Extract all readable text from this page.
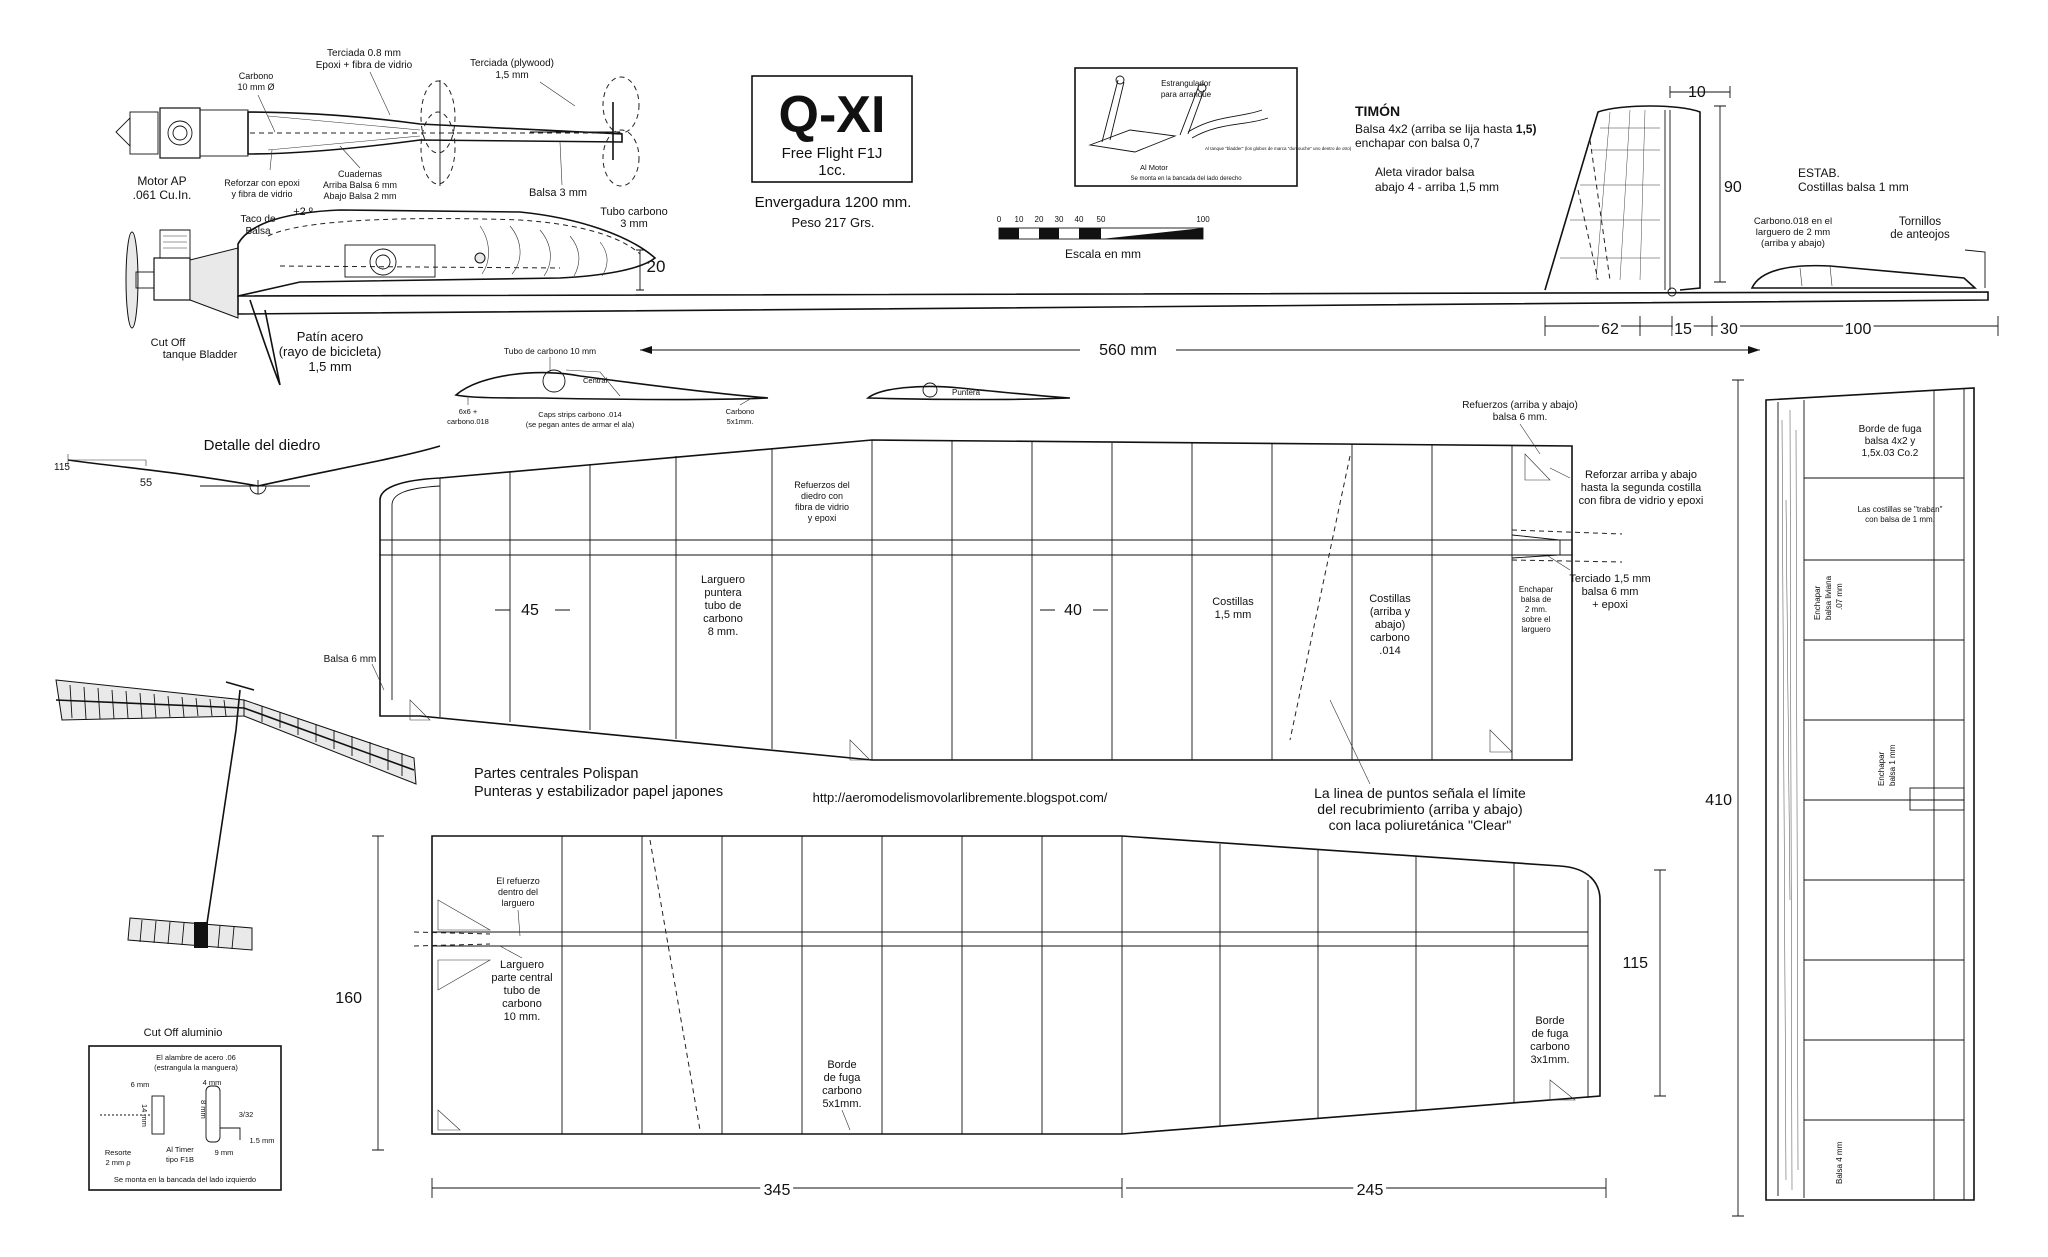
Q-XI
Free Flight F1J
1cc.
Envergadura 1200 mm.
Peso 217 Grs.	0 10 20 30 40 50	100
Escala en mm
Estrangulador
para arranque
Al Motor
Al tanque "bladder" (los globos de marca "dunlouche" uno dentro de otro)
Se monta en la bancada del lado derecho
Carbono
10 mm Ø
Terciada 0.8 mm
Epoxi + fibra de vidrio	Terciada (plywood)
1,5 mm
Motor AP
.061 Cu.In.
Reforzar con epoxi
y fibra de vidrio
Cuadernas
Arriba Balsa 6 mm
Abajo Balsa 2 mm	Balsa 3 mm
Taco de
Balsa
+2 º	Tubo carbono
3 mm
20
Cut Off
tanque Bladder
Patín acero
(rayo de bicicleta)
1,5 mm
560 mm
TIMÓN
Balsa 4x2 (arriba se lija hasta 1,5)
enchapar con balsa 0,7
Aleta virador balsa
abajo 4 - arriba 1,5 mm
10
90
ESTAB.
Costillas balsa 1 mm
Carbono.018 en el
larguero de 2 mm
(arriba y abajo)
Tornillos
de anteojos
62	15 30	100
Tubo de carbono 10 mm
Central
6x6 +
carbono.018
Caps strips carbono .014
(se pegan antes de armar el ala)
Carbono
5x1mm.
Puntera
Detalle del diedro
115
55
Balsa 6 mm
45	40
Refuerzos del
diedro con
fibra de vidrio
y epoxi
Larguero
puntera
tubo de
carbono
8 mm.
Costillas
1,5 mm
Costillas
(arriba y
abajo)
carbono
.014
Refuerzos (arriba y abajo)
balsa 6 mm.
Reforzar arriba y abajo
hasta la segunda costilla
con fibra de vidrio y epoxi
Terciado 1,5 mm
balsa 6 mm
+ epoxi
Enchapar
balsa de
2 mm.
sobre el
larguero
Partes centrales Polispan
Punteras y estabilizador papel japones	http://aeromodelismovolarlibremente.blogspot.com/	La linea de puntos señala el límite
del recubrimiento (arriba y abajo)
con laca poliuretánica "Clear"
El refuerzo
dentro del
larguero
Larguero
parte central
tubo de
carbono
10 mm.
Borde
de fuga
carbono
5x1mm.
Borde
de fuga
carbono
3x1mm.
160
115
345	245
Borde de fuga
balsa 4x2 y
1,5x.03 Co.2
Las costillas se "traban"
con balsa de 1 mm.
Enchapar balsa liviana .07 mm
Enchapar balsa 1 mm
Balsa 4 mm
410
Cut Off aluminio
El alambre de acero .06
(estrangula la manguera)
6 mm	4 mm
14 mm	8 mm	3/32
1.5 mm
9 mm
Resorte
2 mm ρ
Al Timer
tipo F1B
Se monta en la bancada del lado izquierdo
